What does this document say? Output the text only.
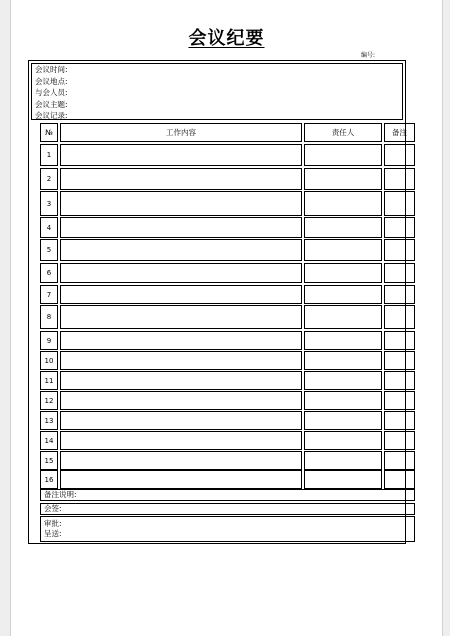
会议纪要
编号:
会议时间:
会议地点:
与会人员:
会议主题:
会议记录:
№	工作内容	责任人	备注
1
2
3
4
5
6
7
8
9
10
11
12
13
14
15
16
备注说明:
会签:
审批:
呈送:
